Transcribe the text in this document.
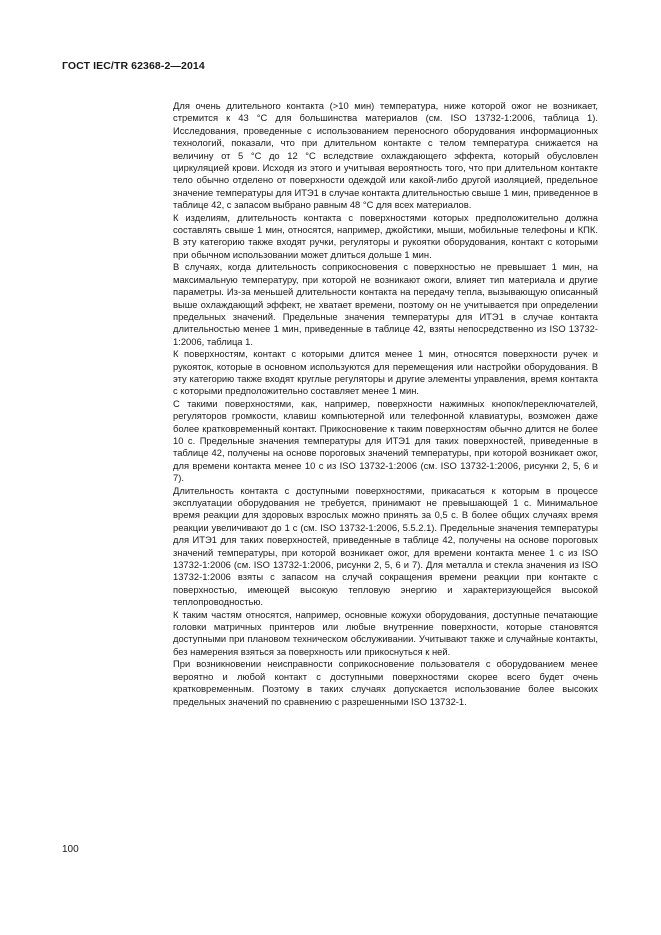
ГОСТ IEC/TR 62368-2—2014

Для очень длительного контакта (>10 мин) температура, ниже которой ожог не возникает, стремится к 43 °С для большинства материалов (см. ISO 13732-1:2006, таблица 1). Исследования, проведенные с использованием переносного оборудования информационных технологий, показали, что при длительном контакте с телом температура снижается на величину от 5 °С до 12 °С вследствие охлаждающего эффекта, который обусловлен циркуляцией крови. Исходя из этого и учитывая вероятность того, что при длительном контакте тело обычно отделено от поверхности одеждой или какой-либо другой изоляцией, предельное значение температуры для ИТЭ1 в случае контакта длительностью свыше 1 мин, приведенное в таблице 42, с запасом выбрано равным 48 °С для всех материалов.

К изделиям, длительность контакта с поверхностями которых предположительно должна составлять свыше 1 мин, относятся, например, джойстики, мыши, мобильные телефоны и КПК. В эту категорию также входят ручки, регуляторы и рукоятки оборудования, контакт с которыми при обычном использовании может длиться дольше 1 мин.

В случаях, когда длительность соприкосновения с поверхностью не превышает 1 мин, на максимальную температуру, при которой не возникают ожоги, влияет тип материала и другие параметры. Из-за меньшей длительности контакта на передачу тепла, вызывающую описанный выше охлаждающий эффект, не хватает времени, поэтому он не учитывается при определении предельных значений. Предельные значения температуры для ИТЭ1 в случае контакта длительностью менее 1 мин, приведенные в таблице 42, взяты непосредственно из ISO 13732-1:2006, таблица 1.

К поверхностям, контакт с которыми длится менее 1 мин, относятся поверхности ручек и рукояток, которые в основном используются для перемещения или настройки оборудования. В эту категорию также входят круглые регуляторы и другие элементы управления, время контакта с которыми предположительно составляет менее 1 мин.

С такими поверхностями, как, например, поверхности нажимных кнопок/переключателей, регуляторов громкости, клавиш компьютерной или телефонной клавиатуры, возможен даже более кратковременный контакт. Прикосновение к таким поверхностям обычно длится не более 10 с. Предельные значения температуры для ИТЭ1 для таких поверхностей, приведенные в таблице 42, получены на основе пороговых значений температуры, при которой возникает ожог, для времени контакта менее 10 с из ISO 13732-1:2006 (см. ISO 13732-1:2006, рисунки 2, 5, 6 и 7).

Длительность контакта с доступными поверхностями, прикасаться к которым в процессе эксплуатации оборудования не требуется, принимают не превышающей 1 с. Минимальное время реакции для здоровых взрослых можно принять за 0,5 с. В более общих случаях время реакции увеличивают до 1 с (см. ISO 13732-1:2006, 5.5.2.1). Предельные значения температуры для ИТЭ1 для таких поверхностей, приведенные в таблице 42, получены на основе пороговых значений температуры, при которой возникает ожог, для времени контакта менее 1 с из ISO 13732-1:2006 (см. ISO 13732-1:2006, рисунки 2, 5, 6 и 7). Для металла и стекла значения из ISO 13732-1:2006 взяты с запасом на случай сокращения времени реакции при контакте с поверхностью, имеющей высокую тепловую энергию и характеризующейся высокой теплопроводностью.

К таким частям относятся, например, основные кожухи оборудования, доступные печатающие головки матричных принтеров или любые внутренние поверхности, которые становятся доступными при плановом техническом обслуживании. Учитывают также и случайные контакты, без намерения взяться за поверхность или прикоснуться к ней.

При возникновении неисправности соприкосновение пользователя с оборудованием менее вероятно и любой контакт с доступными поверхностями скорее всего будет очень кратковременным. Поэтому в таких случаях допускается использование более высоких предельных значений по сравнению с разрешенными ISO 13732-1.

100
